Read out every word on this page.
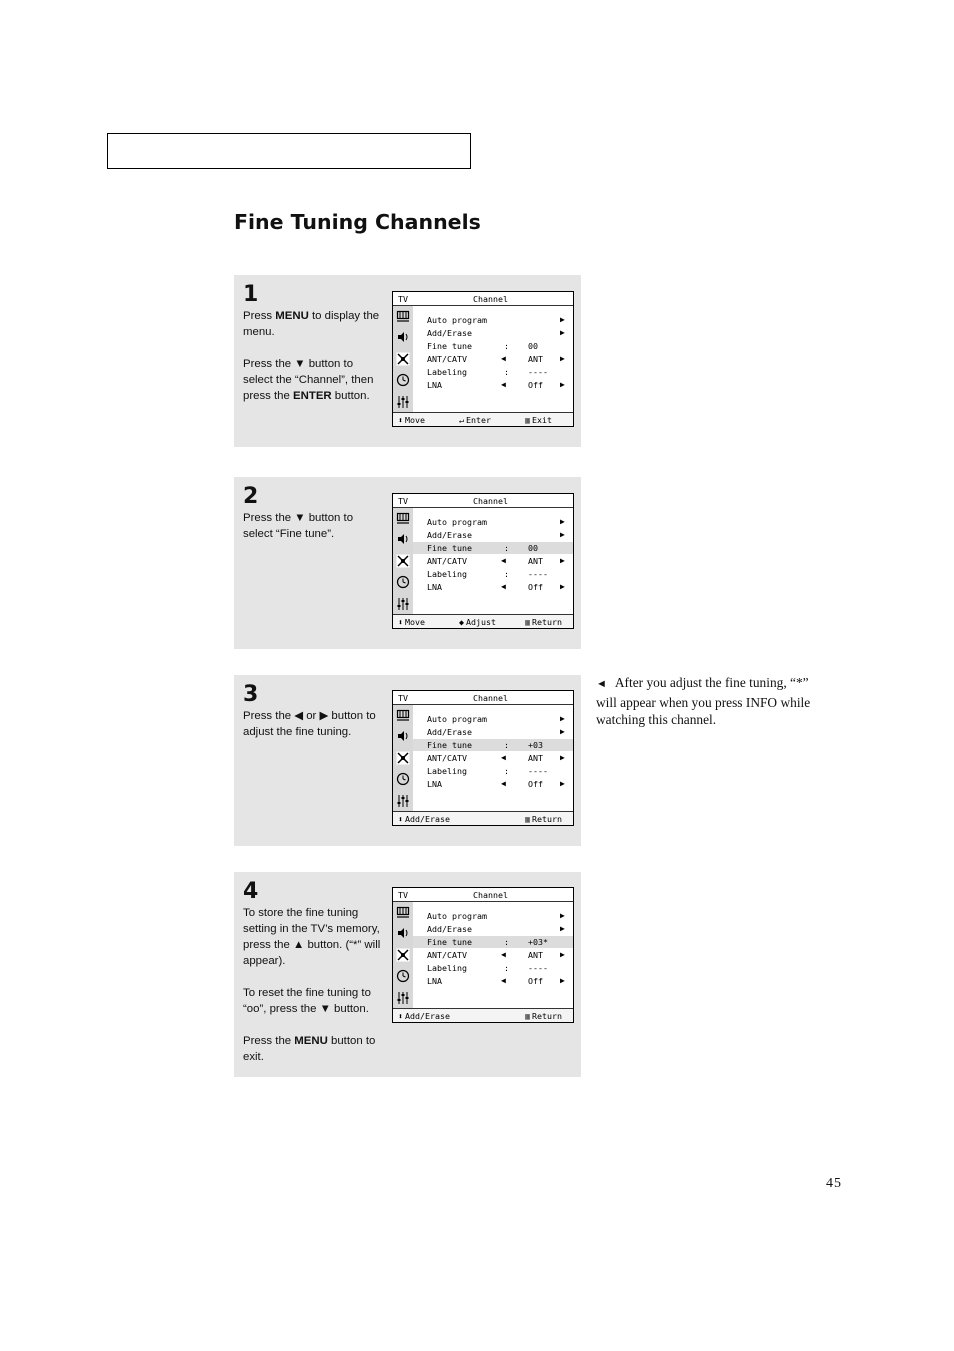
Fine Tuning Channels
1

Press MENU to display the menu.

Press the ▼ button to select the “Channel”, then press the ENTER button.

TV	Channel
Auto program	▶
Add/Erase	▶
Fine tune	: 00
ANT/CATV	◀	ANT ▶
Labeling	: ----
LNA	◀	Off ▶
⬍ Move	↵ Enter	▥ Exit
2

Press the ▼ button to select “Fine tune”.

TV	Channel
Auto program	▶
Add/Erase	▶
Fine tune	: 00
ANT/CATV	◀	ANT ▶
Labeling	: ----
LNA	◀	Off ▶
⬍ Move	◆ Adjust	▥ Return
3

Press the ◀ or ▶ button to adjust the fine tuning.

TV	Channel
Auto program	▶
Add/Erase	▶
Fine tune	: +03
ANT/CATV	◀	ANT ▶
Labeling	: ----
LNA	◀	Off ▶
⬍ Add/Erase	▥ Return
4

To store the fine tuning setting in the TV’s memory, press the ▲ button. (“*” will appear).

To reset the fine tuning to “oo”, press the ▼ button.

Press the MENU button to exit.

TV	Channel
Auto program	▶
Add/Erase	▶
Fine tune	: +03*
ANT/CATV	◀	ANT ▶
Labeling	: ----
LNA	◀	Off ▶
⬍ Add/Erase	▥ Return
◄ After you adjust the fine tuning, “*” will appear when you press INFO while watching this channel.
45
